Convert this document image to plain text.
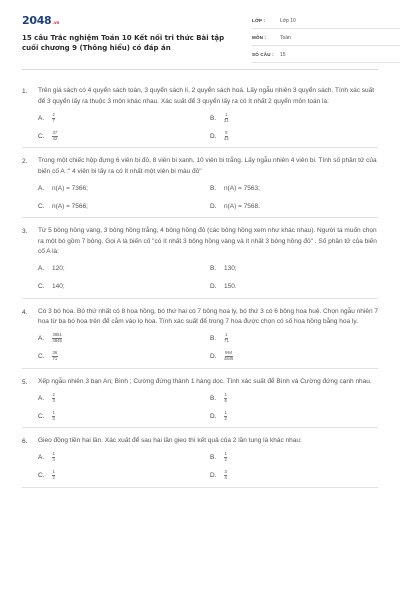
2048 .vn
15 câu Trắc nghiệm Toán 10 Kết nối tri thức Bài tập cuối chương 9 (Thông hiểu) có đáp án
LỚP :	Lớp 10
MÔN :	Toán
SỐ CÂU : 15
1. Trên giá sách có 4 quyển sách toán, 3 quyển sách lí, 2 quyển sách hoá. Lấy ngẫu nhiên 3 quyển sách. Tính xác suất để 3 quyển lấy ra thuộc 3 môn khác nhau. Xác suất để 3 quyển lấy ra có ít nhất 2 quyển môn toán là:
A.	$\frac{2}{7}$	B.	$\frac{1}{21}$
C.	$\frac{37}{42}$	D.	$\frac{5}{42}$
2. Trong một chiếc hộp đựng 6 viên bi đỏ, 8 viên bi xanh, 10 viên bi trắng. Lấy ngẫu nhiên 4 viên bi. Tính số phần tử của biến cố A :" 4 viên bi lấy ra có ít nhất một viên bi màu đỏ"
A.	n(A) = 7366;	B.	n(A) = 7563;
C.	n(A) = 7566;	D.	n(A) = 7568.
3. Từ 5 bông hồng vàng, 3 bông hồng trắng, 4 bông hồng đỏ (các bông hồng xem như khác nhau). Người ta muốn chọn ra một bó gồm 7 bông. Gọi A là biến cố "có ít nhất 3 bông hồng vàng và ít nhất 3 bông hồng đỏ" . Số phần tử của biến cố A là:
A.	120;	B.	130;
C.	140;	D.	150.
4. Có 3 bó hoa. Bó thứ nhất có 8 hoa hồng, bó thứ hai có 7 bông hoa ly, bó thứ 3 có 6 bông hoa huệ. Chọn ngẫu nhiên 7 hoa từ ba bó hoa trên để cắm vào lọ hoa. Tính xác suất để trong 7 hoa được chọn có số hoa hồng bằng hoa ly.
A.	$\frac{3851}{4845}$	B.	$\frac{1}{71}$
C.	$\frac{36}{71}$	D.	$\frac{994}{4845}$
5. Xếp ngẫu nhiên 3 bạn An; Bình ; Cường đứng thành 1 hàng dọc. Tính xác suất để Bình và Cường đứng cạnh nhau.
A.	$\frac{2}{3}$	B.	$\frac{1}{6}$
C.	$\frac{1}{3}$	D.	$\frac{1}{2}$
6. Gieo đồng tiền hai lần. Xác xuất để sau hai lần gieo thì kết quả của 2 lần tung là khác nhau:
A.	$\frac{1}{4}$	B.	$\frac{1}{2}$
C.	$\frac{1}{2}$	D.	$\frac{3}{4}$
